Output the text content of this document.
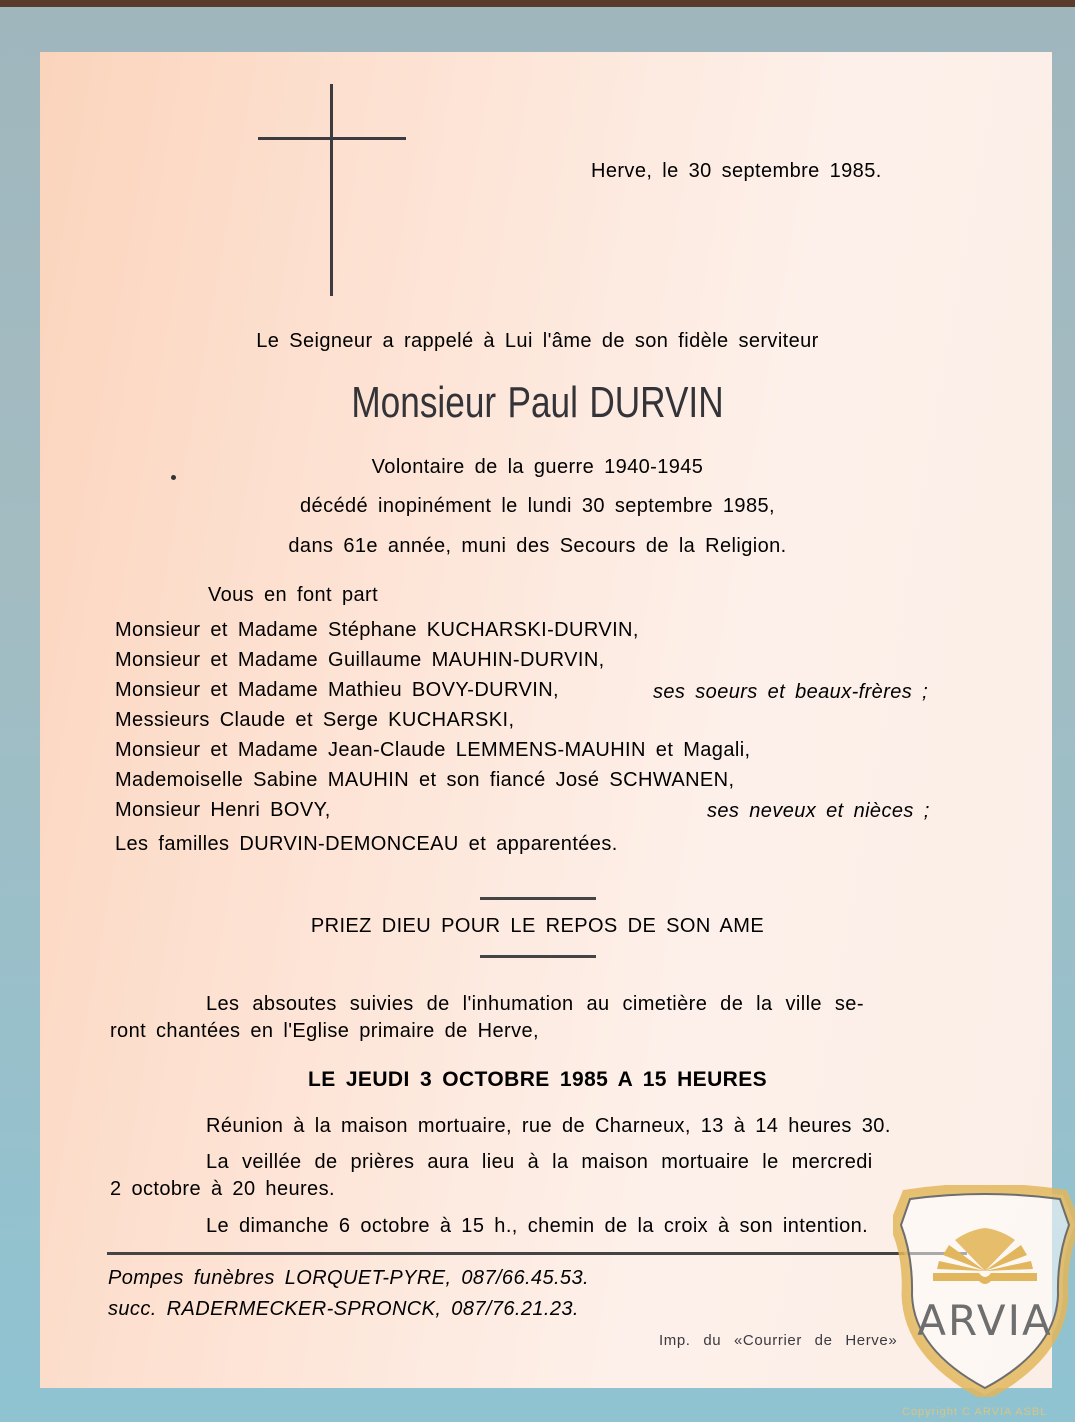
Herve, le 30 septembre 1985.
Le Seigneur a rappelé à Lui l'âme de son fidèle serviteur
Monsieur Paul DURVIN
Volontaire de la guerre 1940-1945
décédé inopinément le lundi 30 septembre 1985,
dans 61e année, muni des Secours de la Religion.
Vous en font part
Monsieur et Madame Stéphane KUCHARSKI-DURVIN,
Monsieur et Madame Guillaume MAUHIN-DURVIN,
Monsieur et Madame Mathieu BOVY-DURVIN,	ses soeurs et beaux-frères ;
Messieurs Claude et Serge KUCHARSKI,
Monsieur et Madame Jean-Claude LEMMENS-MAUHIN et Magali,
Mademoiselle Sabine MAUHIN et son fiancé José SCHWANEN,
Monsieur Henri BOVY,	ses neveux et nièces ;
Les familles DURVIN-DEMONCEAU et apparentées.
PRIEZ DIEU POUR LE REPOS DE SON AME
Les absoutes suivies de l'inhumation au cimetière de la ville se-
ront chantées en l'Eglise primaire de Herve,
LE JEUDI 3 OCTOBRE 1985 A 15 HEURES
Réunion à la maison mortuaire, rue de Charneux, 13 à 14 heures 30.
La veillée de prières aura lieu à la maison mortuaire le mercredi
2 octobre à 20 heures.
Le dimanche 6 octobre à 15 h., chemin de la croix à son intention.
Pompes funèbres LORQUET-PYRE, 087/66.45.53.
succ. RADERMECKER-SPRONCK, 087/76.21.23.
Imp. du «Courrier de Herve» ARVIA
Copyright C ARVIA ASBL
